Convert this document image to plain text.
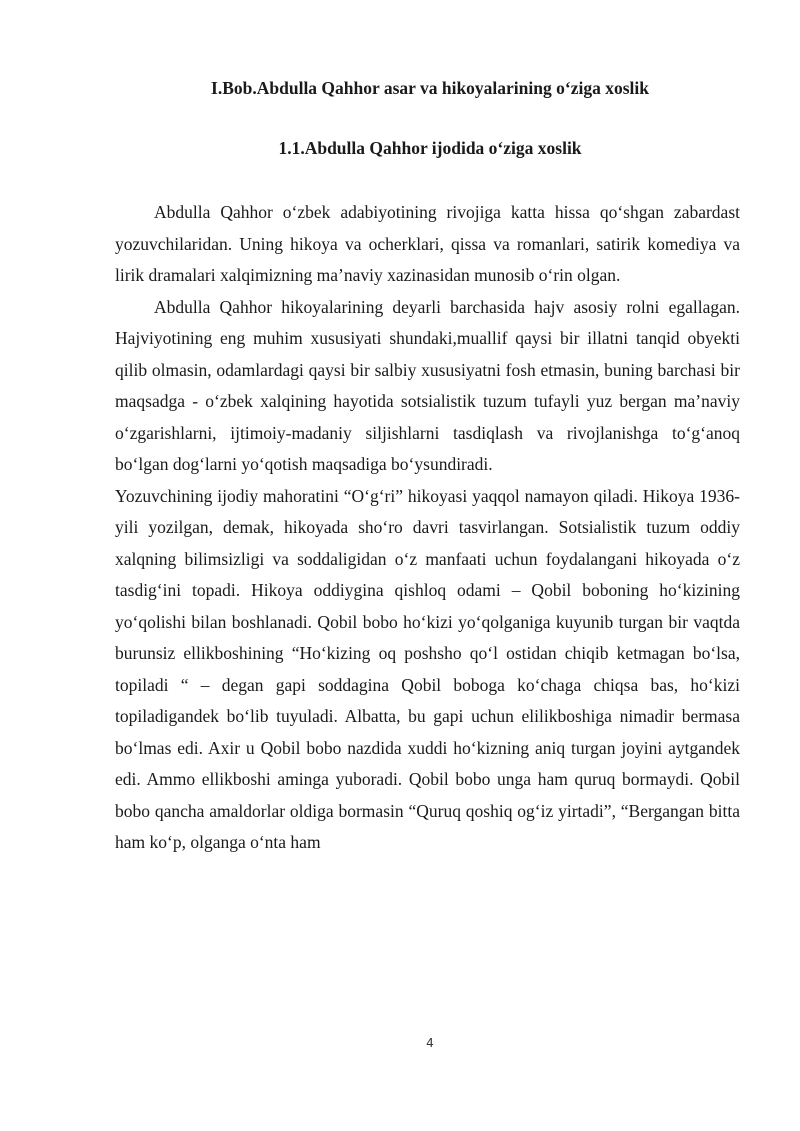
I.Bob.Abdulla Qahhor asar va hikoyalarining o‘ziga xoslik
1.1.Abdulla Qahhor ijodida o‘ziga xoslik

Abdulla Qahhor o‘zbek adabiyotining rivojiga katta hissa qo‘shgan zabardast yozuvchilaridan. Uning hikoya va ocherklari, qissa va romanlari, satirik komediya va lirik dramalari xalqimizning ma’naviy xazinasidan munosib o‘rin olgan.

Abdulla Qahhor hikoyalarining deyarli barchasida hajv asosiy rolni egallagan. Hajviyotining eng muhim xususiyati shundaki,muallif qaysi bir illatni tanqid obyekti qilib olmasin, odamlardagi qaysi bir salbiy xususiyatni fosh etmasin, buning barchasi bir maqsadga - o‘zbek xalqining hayotida sotsialistik tuzum tufayli yuz bergan ma’naviy o‘zgarishlarni, ijtimoiy-madaniy siljishlarni tasdiqlash va rivojlanishga to‘g‘anoq bo‘lgan dog‘larni yo‘qotish maqsadiga bo‘ysundiradi.

Yozuvchining ijodiy mahoratini “O‘g‘ri” hikoyasi yaqqol namayon qiladi. Hikoya 1936-yili yozilgan, demak, hikoyada sho‘ro davri tasvirlangan. Sotsialistik tuzum oddiy xalqning bilimsizligi va soddaligidan o‘z manfaati uchun foydalangani hikoyada o‘z tasdig‘ini topadi. Hikoya oddiygina qishloq odami – Qobil boboning ho‘kizining yo‘qolishi bilan boshlanadi. Qobil bobo ho‘kizi yo‘qolganiga kuyunib turgan bir vaqtda burunsiz ellikboshining “Ho‘kizing oq poshsho qo‘l ostidan chiqib ketmagan bo‘lsa, topiladi “ – degan gapi soddagina Qobil boboga ko‘chaga chiqsa bas, ho‘kizi topiladigandek bo‘lib tuyuladi. Albatta, bu gapi uchun elilikboshiga nimadir bermasa bo‘lmas edi. Axir u Qobil bobo nazdida xuddi ho‘kizning aniq turgan joyini aytgandek edi. Ammo ellikboshi aminga yuboradi. Qobil bobo unga ham quruq bormaydi. Qobil bobo qancha amaldorlar oldiga bormasin “Quruq qoshiq og‘iz yirtadi”, “Bergangan bitta ham ko‘p, olganga o‘nta ham

4
